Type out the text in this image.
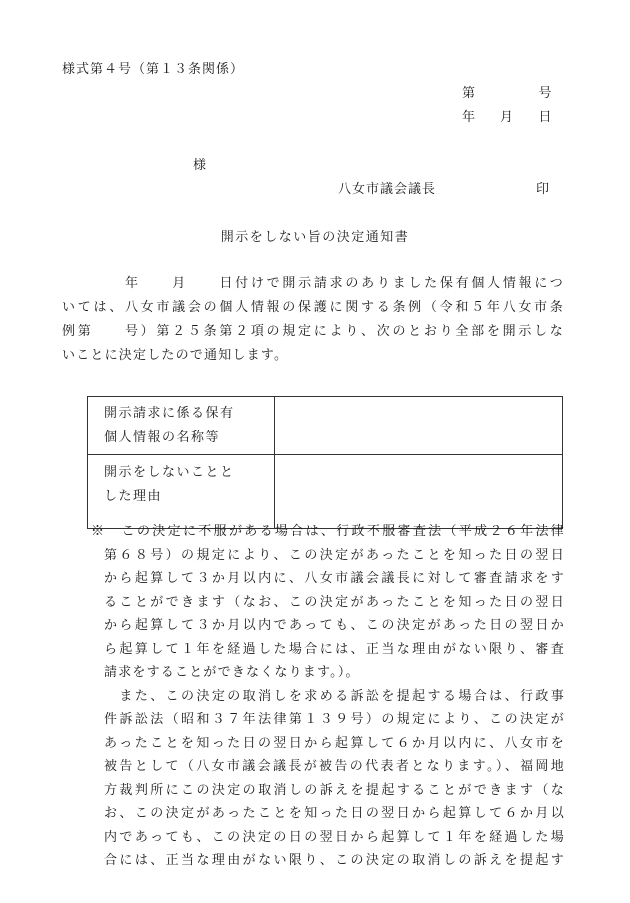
様式第４号（第１３条関係）
第	号
年 月 日
様
八女市議会議長	印
開示をしない旨の決定通知書
　　　　年　　月　　日付けで開示請求のありました保有個人情報につ
いては、八女市議会の個人情報の保護に関する条例（令和５年八女市条
例第　　号）第２５条第２項の規定により、次のとおり全部を開示しな
いことに決定したので通知します。
開示請求に係る保有
個人情報の名称等	

開示をしないことと
した理由	

※　この決定に不服がある場合は、行政不服審査法（平成２６年法律
第６８号）の規定により、この決定があったことを知った日の翌日
から起算して３か月以内に、八女市議会議長に対して審査請求をす
ることができます（なお、この決定があったことを知った日の翌日
から起算して３か月以内であっても、この決定があった日の翌日か
ら起算して１年を経過した場合には、正当な理由がない限り、審査
請求をすることができなくなります。）。
　また、この決定の取消しを求める訴訟を提起する場合は、行政事
件訴訟法（昭和３７年法律第１３９号）の規定により、この決定が
あったことを知った日の翌日から起算して６か月以内に、八女市を
被告として（八女市議会議長が被告の代表者となります。）、福岡地
方裁判所にこの決定の取消しの訴えを提起することができます（な
お、この決定があったことを知った日の翌日から起算して６か月以
内であっても、この決定の日の翌日から起算して１年を経過した場
合には、正当な理由がない限り、この決定の取消しの訴えを提起す
